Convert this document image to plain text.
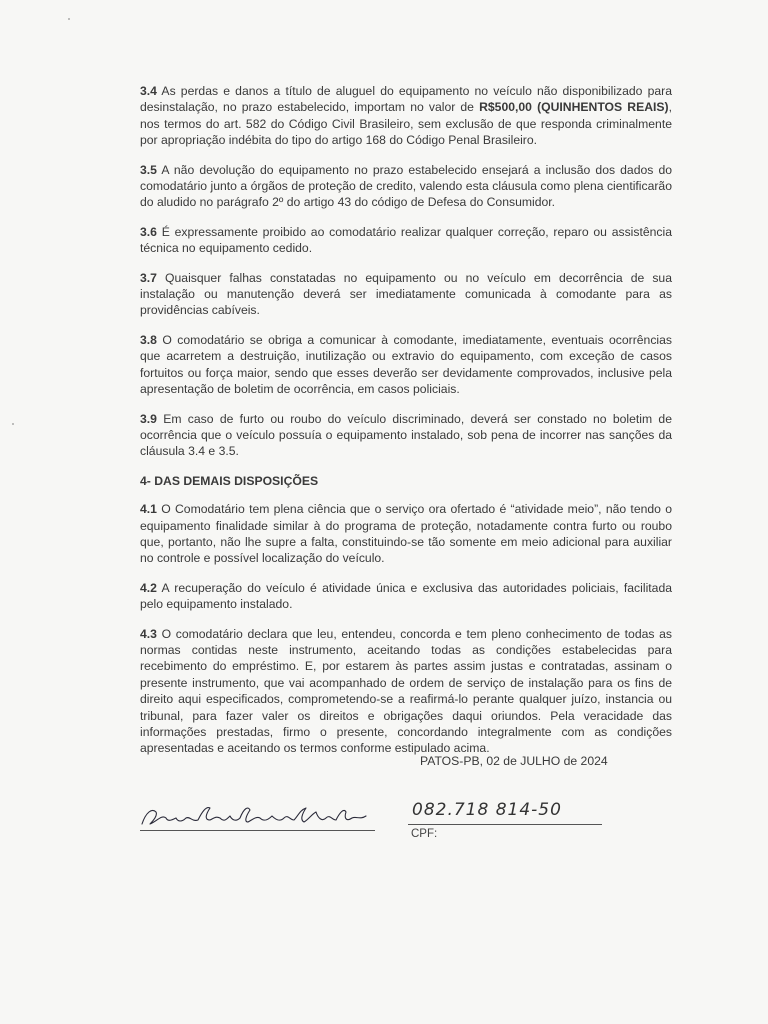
3.4 As perdas e danos a título de aluguel do equipamento no veículo não disponibilizado para desinstalação, no prazo estabelecido, importam no valor de R$500,00 (QUINHENTOS REAIS), nos termos do art. 582 do Código Civil Brasileiro, sem exclusão de que responda criminalmente por apropriação indébita do tipo do artigo 168 do Código Penal Brasileiro.

3.5 A não devolução do equipamento no prazo estabelecido ensejará a inclusão dos dados do comodatário junto a órgãos de proteção de credito, valendo esta cláusula como plena cientificarão do aludido no parágrafo 2º do artigo 43 do código de Defesa do Consumidor.

3.6 É expressamente proibido ao comodatário realizar qualquer correção, reparo ou assistência técnica no equipamento cedido.

3.7 Quaisquer falhas constatadas no equipamento ou no veículo em decorrência de sua instalação ou manutenção deverá ser imediatamente comunicada à comodante para as providências cabíveis.

3.8 O comodatário se obriga a comunicar à comodante, imediatamente, eventuais ocorrências que acarretem a destruição, inutilização ou extravio do equipamento, com exceção de casos fortuitos ou força maior, sendo que esses deverão ser devidamente comprovados, inclusive pela apresentação de boletim de ocorrência, em casos policiais.

3.9 Em caso de furto ou roubo do veículo discriminado, deverá ser constado no boletim de ocorrência que o veículo possuía o equipamento instalado, sob pena de incorrer nas sanções da cláusula 3.4 e 3.5.

4- DAS DEMAIS DISPOSIÇÕES

4.1 O Comodatário tem plena ciência que o serviço ora ofertado é “atividade meio”, não tendo o equipamento finalidade similar à do programa de proteção, notadamente contra furto ou roubo que, portanto, não lhe supre a falta, constituindo-se tão somente em meio adicional para auxiliar no controle e possível localização do veículo.

4.2 A recuperação do veículo é atividade única e exclusiva das autoridades policiais, facilitada pelo equipamento instalado.

4.3 O comodatário declara que leu, entendeu, concorda e tem pleno conhecimento de todas as normas contidas neste instrumento, aceitando todas as condições estabelecidas para recebimento do empréstimo. E, por estarem às partes assim justas e contratadas, assinam o presente instrumento, que vai acompanhado de ordem de serviço de instalação para os fins de direito aqui especificados, comprometendo-se a reafirmá-lo perante qualquer juízo, instancia ou tribunal, para fazer valer os direitos e obrigações daqui oriundos. Pela veracidade das informações prestadas, firmo o presente, concordando integralmente com as condições apresentadas e aceitando os termos conforme estipulado acima.

PATOS-PB, 02 de JULHO de 2024
082.718 814-50
CPF:
